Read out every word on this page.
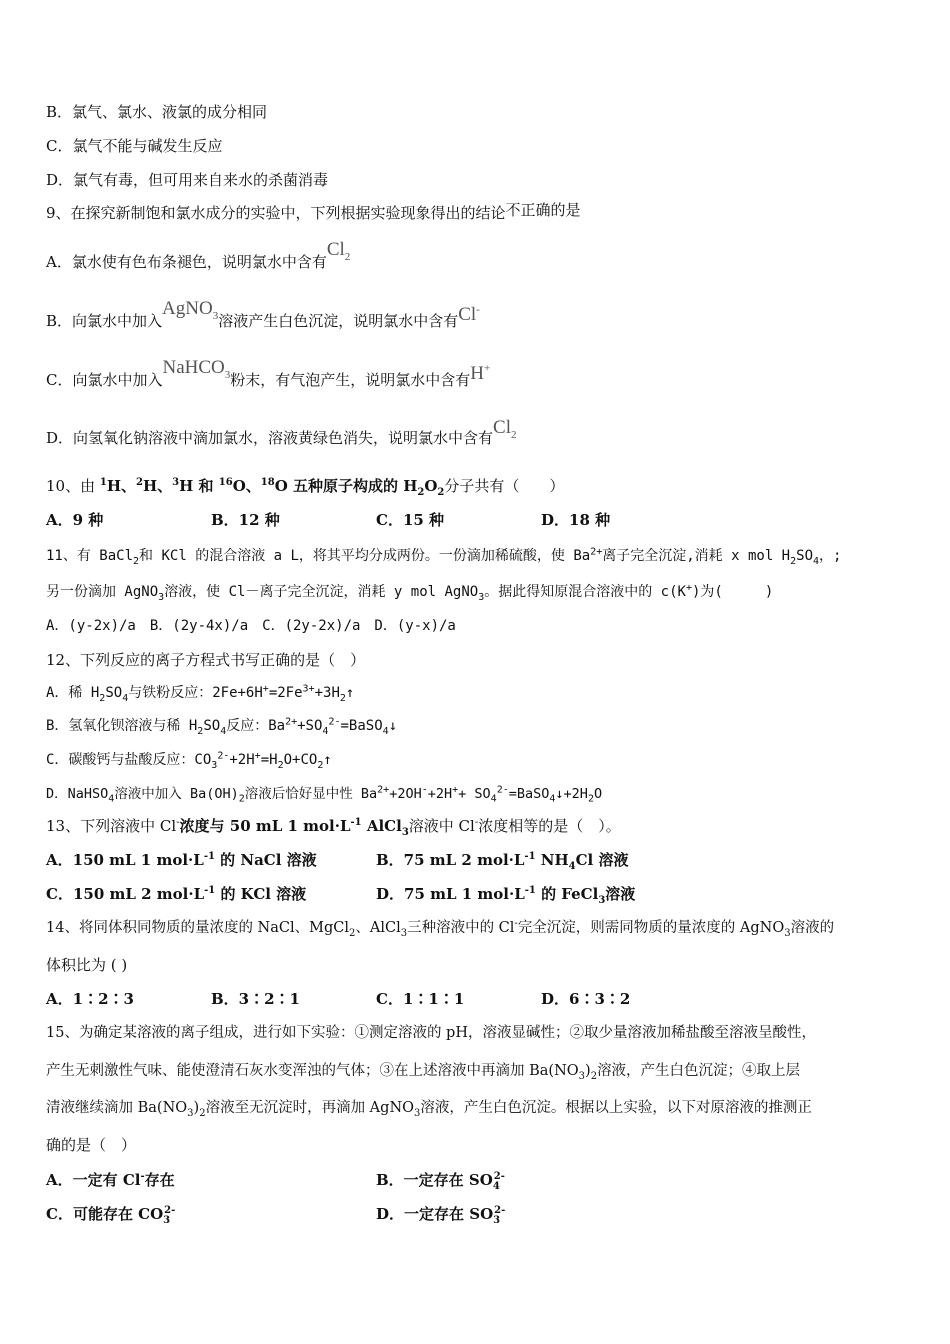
B．氯气、氯水、液氯的成分相同
C．氯气不能与碱发生反应
D．氯气有毒，但可用来自来水的杀菌消毒
9、在探究新制饱和氯水成分的实验中，下列根据实验现象得出的结论不正确的是
A．氯水使有色布条褪色，说明氯水中含有$Cl_2$
B．向氯水中加入AgNO$_3$溶液产生白色沉淀，说明氯水中含有Cl-
C．向氯水中加入NaHCO$_3$粉末，有气泡产生，说明氯水中含有H+
D．向氢氧化钠溶液中滴加氯水，溶液黄绿色消失，说明氯水中含有$Cl_2$
10、由 $^1$H、$^2$H、$^3$H 和 $^{16}$O、$^{18}$O 五种原子构成的 $H_2O_2$分子共有（　　）
A．9 种	B．12 种	C．15 种	D．18 种
11、有 BaCl$_2$和 KCl 的混合溶液 a L，将其平均分成两份。一份滴加稀硫酸，使 $Ba^{2+}$离子完全沉淀,消耗 x mol $H_2SO_4$，;
另一份滴加 AgNO$_3$溶液，使 Cl－离子完全沉淀，消耗 y mol AgNO$_3$。据此得知原混合溶液中的 c(K+)为(　　　)
A．(y-2x)/a　B．(2y-4x)/a　C．(2y-2x)/a　D．(y-x)/a
12、下列反应的离子方程式书写正确的是（　）
A．稀 $H_2SO_4$与铁粉反应：$2Fe+6H^+=2Fe^{3+}+3H_2↑$
B．氢氧化钡溶液与稀 $H_2SO_4$反应：$Ba^{2+}+SO_4^{2-}=BaSO_4↓$
C．碳酸钙与盐酸反应：$CO_3^{2-}+2H^+=H_2O+CO_2↑$
D．NaHSO$_4$溶液中加入 $Ba(OH)_2$溶液后恰好显中性 $Ba^{2+}+2OH^-+2H^++$ $SO_4^{2-}=BaSO_4↓+2H_2O$
13、下列溶液中 Cl-浓度与 50 mL 1 $mol\cdot L^{-1}$ AlCl$_3$溶液中 Cl-浓度相等的是（　）。
A．150 mL 1 $mol\cdot L^{-1}$ 的 NaCl 溶液	B．75 mL 2 $mol\cdot L^{-1}$ $NH_4Cl$ 溶液
C．150 mL 2 $mol\cdot L^{-1}$ 的 KCl 溶液	D．75 mL 1 $mol\cdot L^{-1}$ 的 FeCl$_3$溶液
14、将同体积同物质的量浓度的 NaCl、MgCl$_2$、AlCl$_3$三种溶液中的 Cl-完全沉淀，则需同物质的量浓度的 AgNO$_3$溶液的
体积比为 ( )
A．1∶2∶3	B．3∶2∶1	C．1∶1∶1	D．6∶3∶2
15、为确定某溶液的离子组成，进行如下实验：①测定溶液的 pH，溶液显碱性；②取少量溶液加稀盐酸至溶液呈酸性，
产生无刺激性气味、能使澄清石灰水变浑浊的气体；③在上述溶液中再滴加 $Ba(NO_3)_2$溶液，产生白色沉淀；④取上层
清液继续滴加 $Ba(NO_3)_2$溶液至无沉淀时，再滴加 AgNO$_3$溶液，产生白色沉淀。根据以上实验，以下对原溶液的推测正
确的是（　）
A．一定有 Cl-存在	B．一定存在 $SO_4^{2-}$
C．可能存在 $CO_3^{2-}$	D．一定存在 $SO_3^{2-}$
